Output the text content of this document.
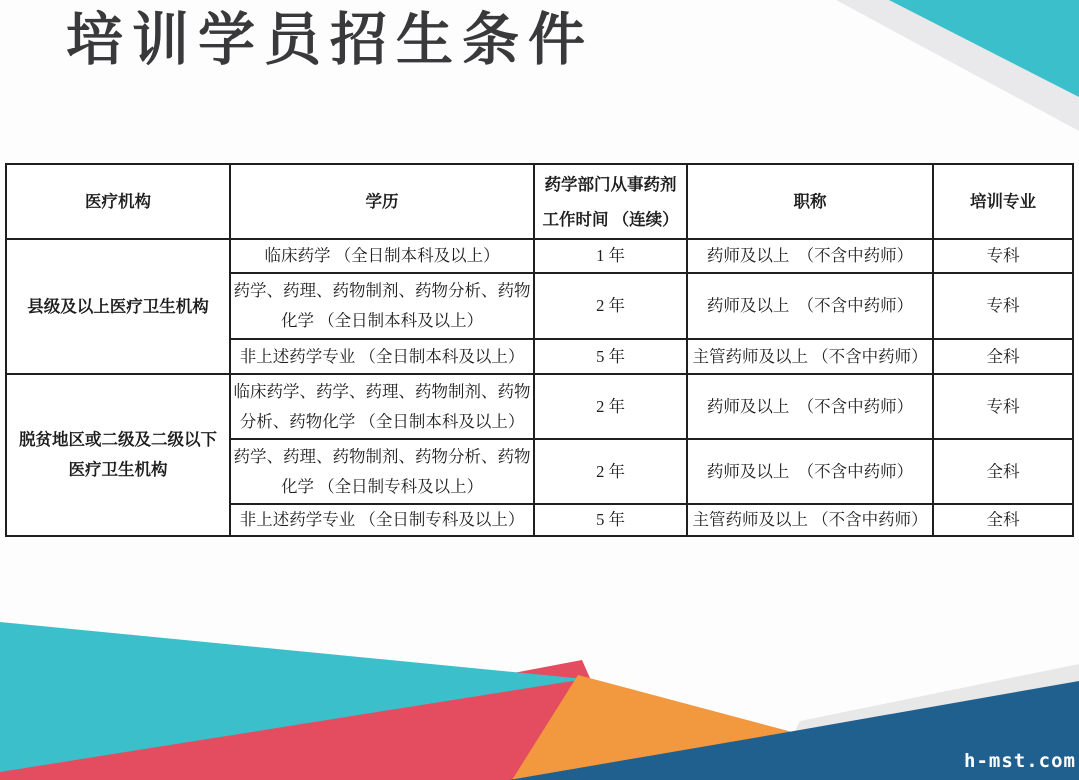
培训学员招生条件
医疗机构	学历	药学部门从事药剂工作时间 （连续）	职称	培训专业

县级及以上医疗卫生机构	临床药学 （全日制本科及以上）	1 年	药师及以上　（不含中药师）	专科
	药学、药理、药物制剂、药物分析、药物化学 （全日制本科及以上）	2 年	药师及以上　（不含中药师）	专科
	非上述药学专业 （全日制本科及以上）	5 年	主管药师及以上 （不含中药师）	全科

脱贫地区或二级及二级以下医疗卫生机构	临床药学、药学、药理、药物制剂、药物分析、药物化学 （全日制本科及以上）	2 年	药师及以上　（不含中药师）	专科
	药学、药理、药物制剂、药物分析、药物化学 （全日制专科及以上）	2 年	药师及以上　（不含中药师）	全科
	非上述药学专业 （全日制专科及以上）	5 年	主管药师及以上 （不含中药师）	全科
h-mst.com
